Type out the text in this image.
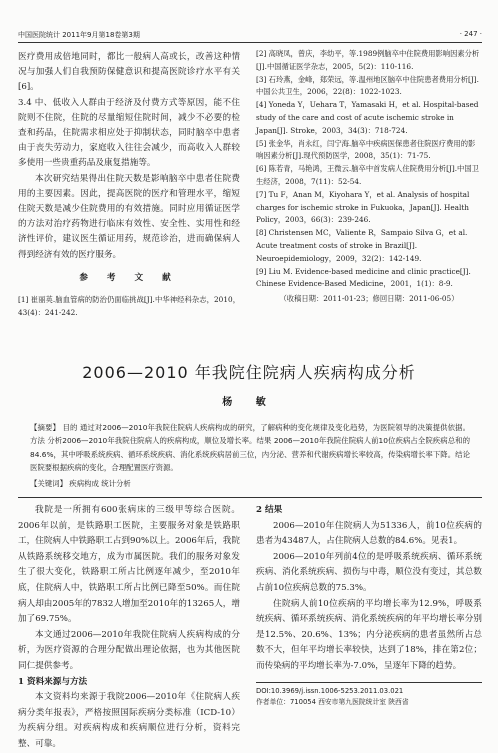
中国医院统计 2011年9月第18卷第3期	· 247 ·

医疗费用成倍地同时，都比一般病人高或长，改善这种情况与加强人们自我预防保健意识和提高医院诊疗水平有关[6]。

3.4 中、低收入人群由于经济及付费方式等原因，能不住院则不住院，住院的尽量缩短住院时间，减少不必要的检查和药品，住院需求相应处于抑制状态，同时脑卒中患者由于丧失劳动力，家庭收入往往会减少，而高收入人群较多使用一些贵重药品及康复措施等。

本次研究结果得出住院天数是影响脑卒中患者住院费用的主要因素。因此，提高医院的医疗和管理水平，缩短住院天数是减少住院费用的有效措施。同时应用循证医学的方法对治疗药物进行临床有效性、安全性、实用性和经济性评价，建议医生循证用药，规范诊治，进而确保病人得到经济有效的医疗服务。

参 考 文 献
[1] 崔丽英.脑血管病的防治仍面临挑战[J].中华神经科杂志，2010，43(4)：241-242.
[2] 高晓凤，曾庆，李幼平，等.1989例脑卒中住院费用影响因素分析[J].中国循证医学杂志，2005，5(2)：110-116.
[3] 石玲燕，金峰，郑荣远，等.温州地区脑卒中住院患者费用分析[J].中国公共卫生，2006，22(8)：1022-1023.
[4] Yoneda Y，Uehara T，Yamasaki H，et al. Hospital-based study of the care and cost of acute ischemic stroke in Japan[J]. Stroke，2003，34(3)：718-724.
[5] 张金华，肖永红，闫宁海.脑卒中疾病医保患者住院医疗费用的影响因素分析[J].现代预防医学，2008，35(1)：71-75.
[6] 陈若青，马艳鸿，王微云.脑卒中首发病人住院费用分析[J].中国卫生经济，2008，7(11)：52-54.
[7] Tu F，Anan M，Kiyohara Y，et al. Analysis of hospital charges for ischemic stroke in Fukuoka，Japan[J]. Health Policy，2003，66(3)：239-246.
[8] Christensen MC，Valiente R，Sampaio Silva G，et al. Acute treatment costs of stroke in Brazil[J]. Neuroepidemiology，2009，32(2)：142-149.
[9] Liu M. Evidence-based medicine and clinic practice[J]. Chinese Evidence-Based Medicine，2001，1(1)：8-9.
（收稿日期：2011-01-23；修回日期：2011-06-05）
2006—2010 年我院住院病人疾病构成分析
杨 敏
【摘要】 目的 通过对2006—2010年我院住院病人疾病构成的研究，了解病种的变化规律及变化趋势，为医院领导的决策提供依据。方法 分析2006—2010年我院住院病人的疾病构成，顺位及增长率。结果 2006—2010年我院住院病人前10位疾病占全院疾病总和的84.6%，其中呼吸系统疾病、循环系统疾病、消化系统疾病居前三位，内分泌、营养和代谢疾病增长率较高，传染病增长率下降。结论 医院要根据疾病的变化，合理配置医疗资源。
【关键词】 疾病构成 统计分析

我院是一所拥有600张病床的三级甲等综合医院。2006年以前，是铁路职工医院，主要服务对象是铁路职工，住院病人中铁路职工占到90%以上。2006年后，我院从铁路系统移交地方，成为市属医院。我们的服务对象发生了很大变化，铁路职工所占比例逐年减少，至2010年底，住院病人中，铁路职工所占比例已降至50%。而住院病人却由2005年的7832人增加至2010年的13265人，增加了69.75%。

本文通过2006—2010年我院住院病人疾病构成的分析，为医疗资源的合理分配做出理论依据，也为其他医院同仁提供参考。

1 资料来源与方法

本文资料均来源于我院2006—2010年《住院病人疾病分类年报表》，严格按照国际疾病分类标准（ICD-10）为疾病分组。对疾病构成和疾病顺位进行分析，资料完整、可靠。

2 结果

2006—2010年住院病人为51336人，前10位疾病的患者为43487人，占住院病人总数的84.6%。见表1。

2006—2010年列前4位的是呼吸系统疾病、循环系统疾病、消化系统疾病、损伤与中毒，顺位没有变过，其总数占前10位疾病总数的75.3%。

住院病人前10位疾病的平均增长率为12.9%，呼吸系统疾病、循环系统疾病、消化系统疾病的年平均增长率分别是12.5%、20.6%、13%；内分泌疾病的患者虽然所占总数不大，但年平均增长率较快，达到了18%，排在第2位；而传染病的平均增长率为-7.0%，呈逐年下降的趋势。

DOI:10.3969/j.issn.1006-5253.2011.03.021
作者单位：710054 西安市第九医院统计室 陕西省
